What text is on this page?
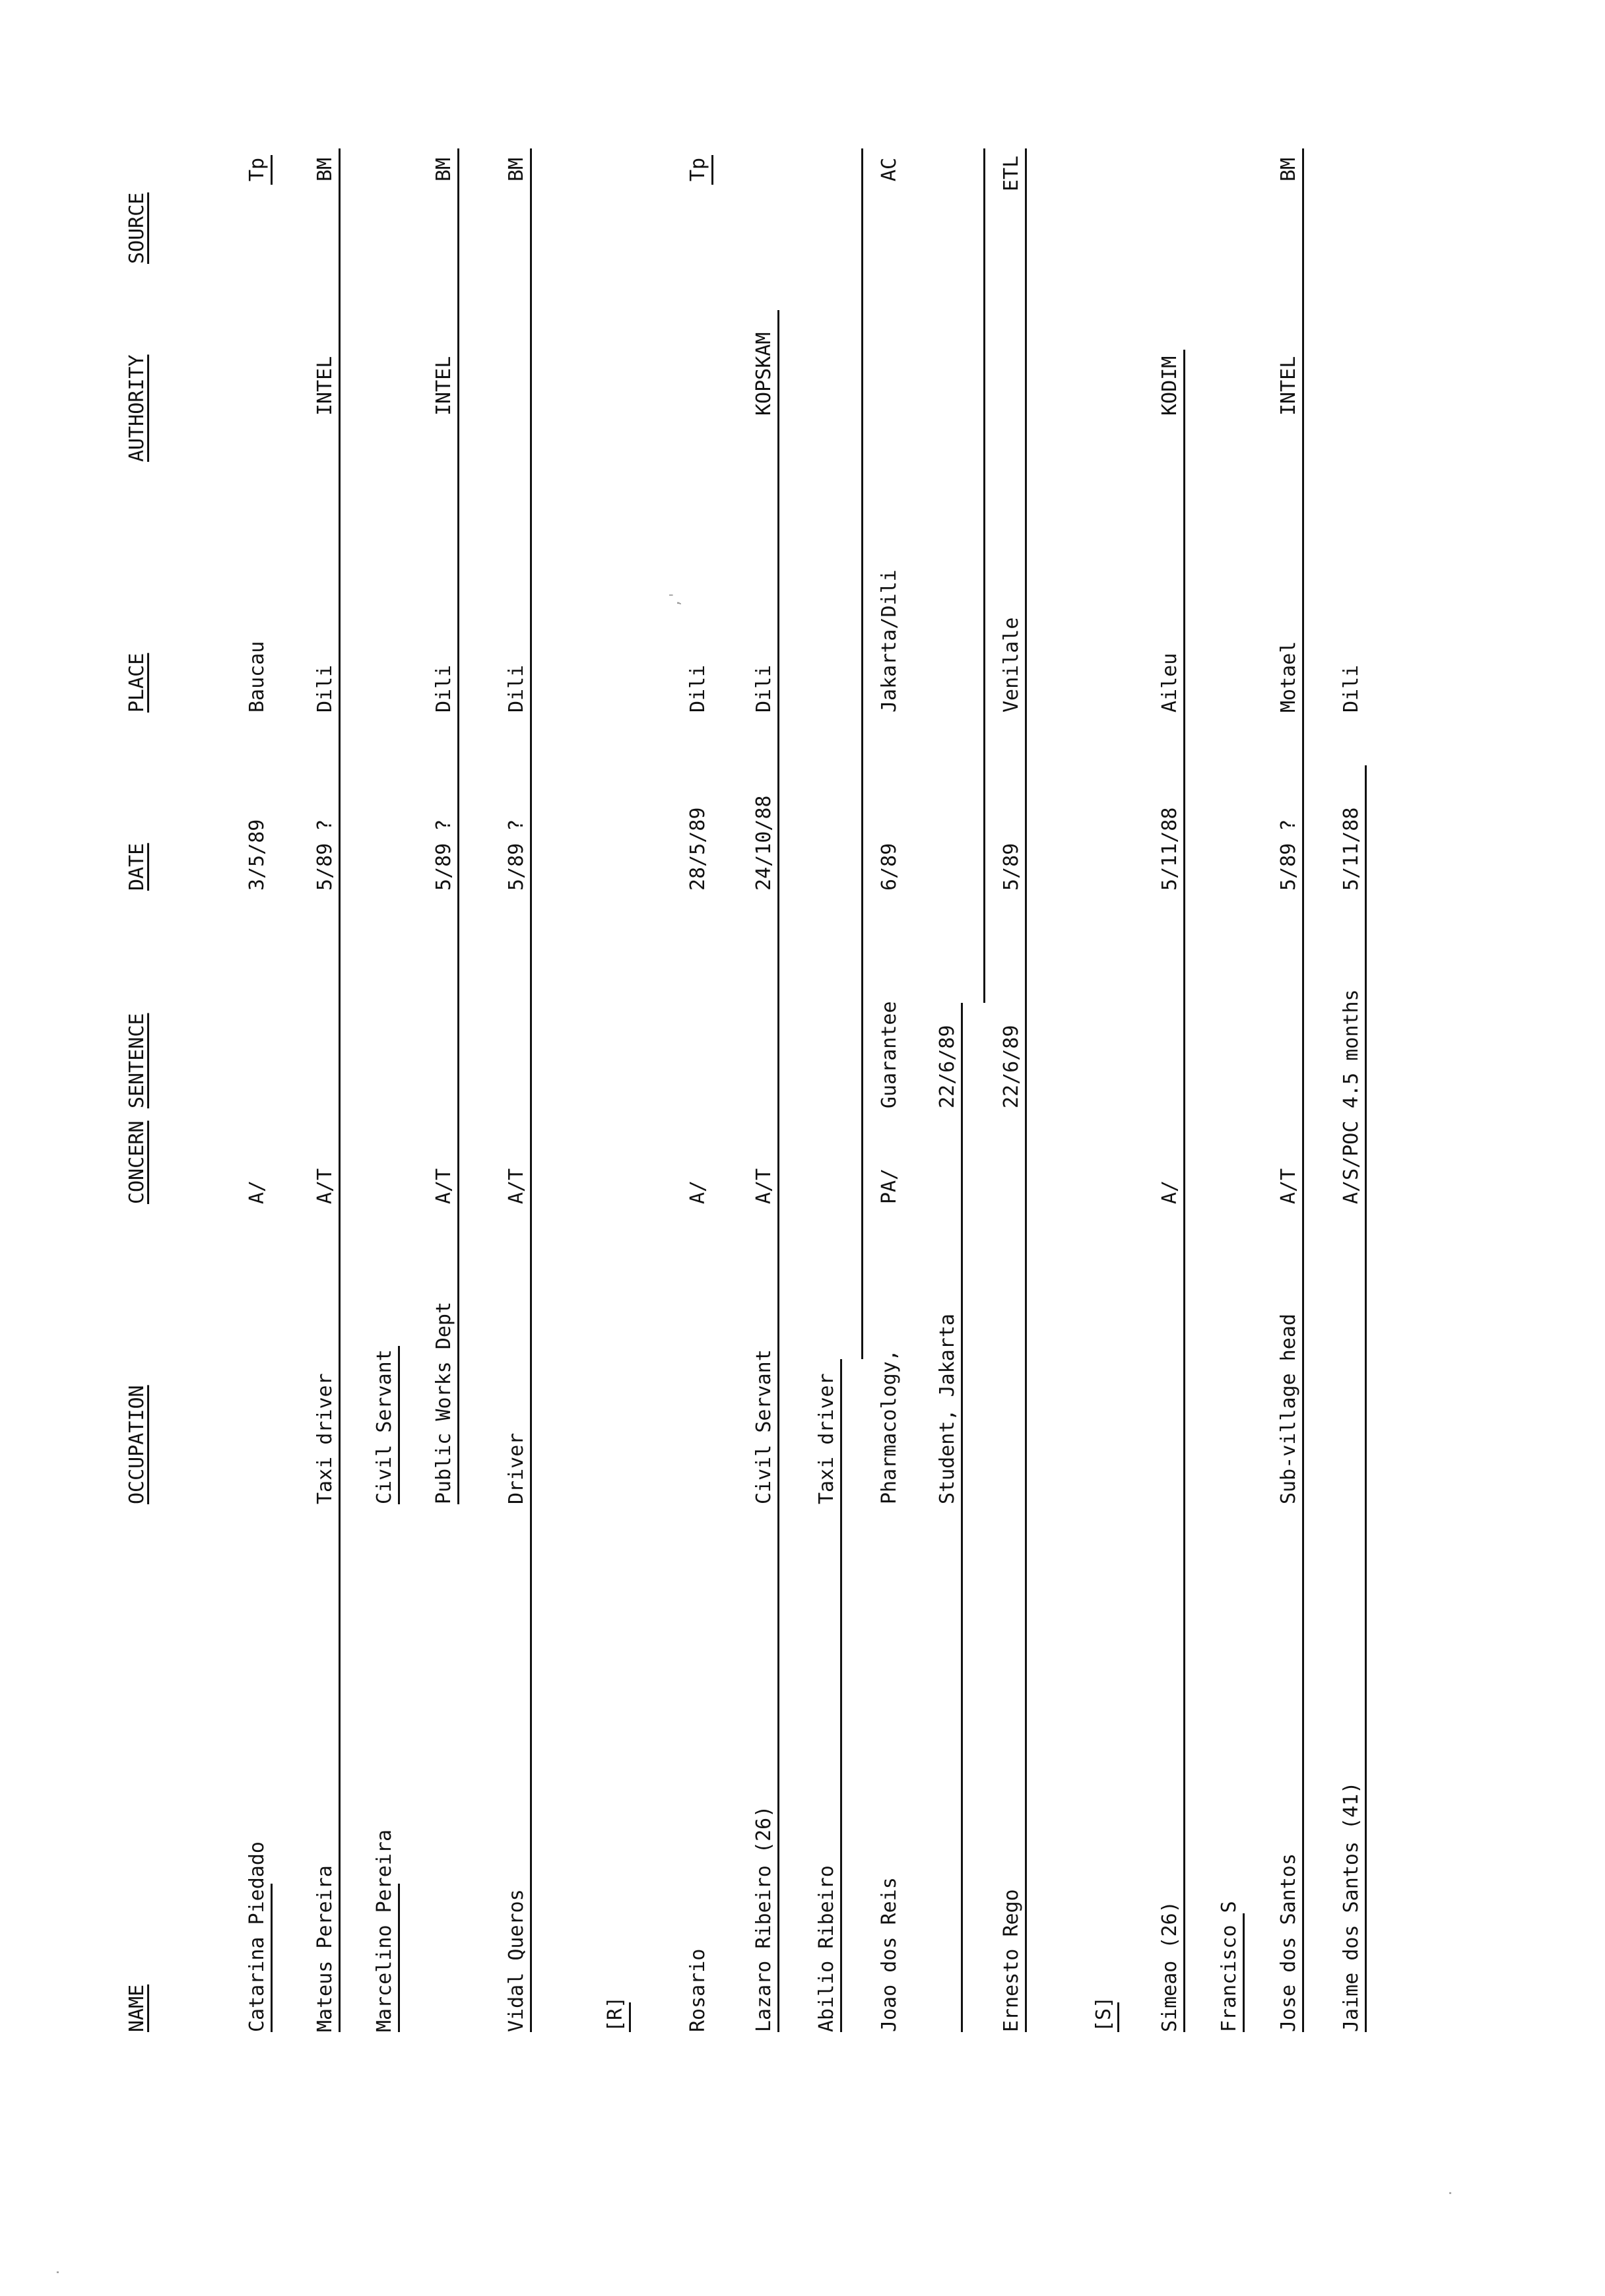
NAME
OCCUPATION
CONCERN
SENTENCE
DATE
PLACE
AUTHORITY
SOURCE
Catarina Piedado
A/
3/5/89
Baucau
Tp
Mateus Pereira
Taxi driver
A/T
5/89 ?
Dili
INTEL
BM
Marcelino Pereira
Civil Servant Public Works Dept
A/T
5/89 ?
Dili
INTEL
BM
Vidal Queros
Driver
A/T
5/89 ?
Dili
BM
[R]	Rosario
A/
28/5/89
Dili
Tp
Lazaro Ribeiro (26)
Civil Servant
A/T
24/10/88
Dili
KOPSKAM
Abilio Ribeiro
Taxi driver
Joao dos Reis
Pharmacology,
PA/
Guarantee
6/89
Jakarta/Dili
AC
Student, Jakarta
22/6/89
Ernesto Rego
22/6/89
5/89
Venilale
ETL
[S] Simeao (26)
A/
5/11/88
Aileu
KODIM
Francisco S Jose dos Santos
Sub-village head
A/T
5/89 ?
Motael
INTEL
BM
Jaime dos Santos (41)
A/S/POC
4.5 months
5/11/88
Dili
,'
.
.
